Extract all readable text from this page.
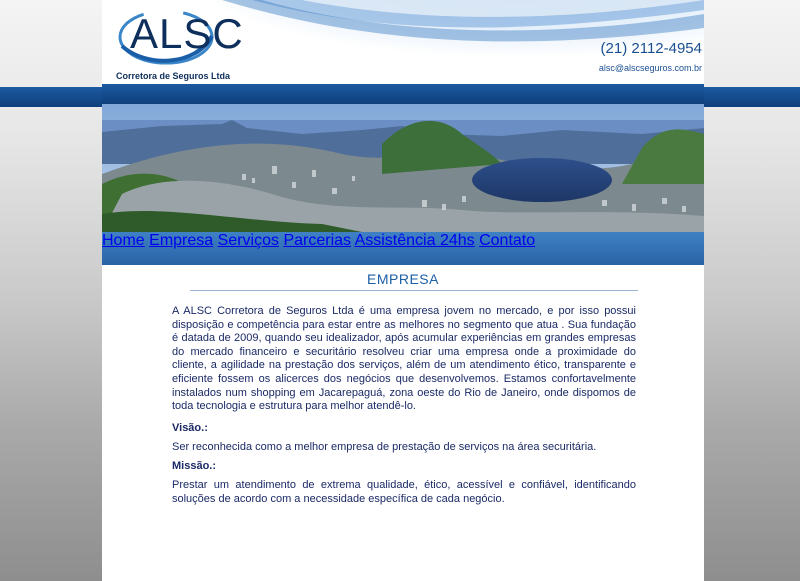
ALSC
Corretora de Seguros Ltda
(21) 2112-4954
alsc@alscseguros.com.br
Home Empresa Serviços Parcerias Assistência 24hs Contato
EMPRESA
A ALSC Corretora de Seguros Ltda é uma empresa jovem no mercado, e por isso possui disposição e competência para estar entre as melhores no segmento que atua . Sua fundação é datada de 2009, quando seu idealizador, após acumular experiências em grandes empresas do mercado financeiro e securitário resolveu criar uma empresa onde a proximidade do cliente, a agilidade na prestação dos serviços, além de um atendimento ético, transparente e eficiente fossem os alicerces dos negócios que desenvolvemos. Estamos confortavelmente instalados num shopping em Jacarepaguá, zona oeste do Rio de Janeiro, onde dispomos de toda tecnologia e estrutura para melhor atendê-lo.
Visão.:
Ser reconhecida como a melhor empresa de prestação de serviços na área securitária.
Missão.:
Prestar um atendimento de extrema qualidade, ético, acessível e confiável, identificando soluções de acordo com a necessidade específica de cada negócio.
